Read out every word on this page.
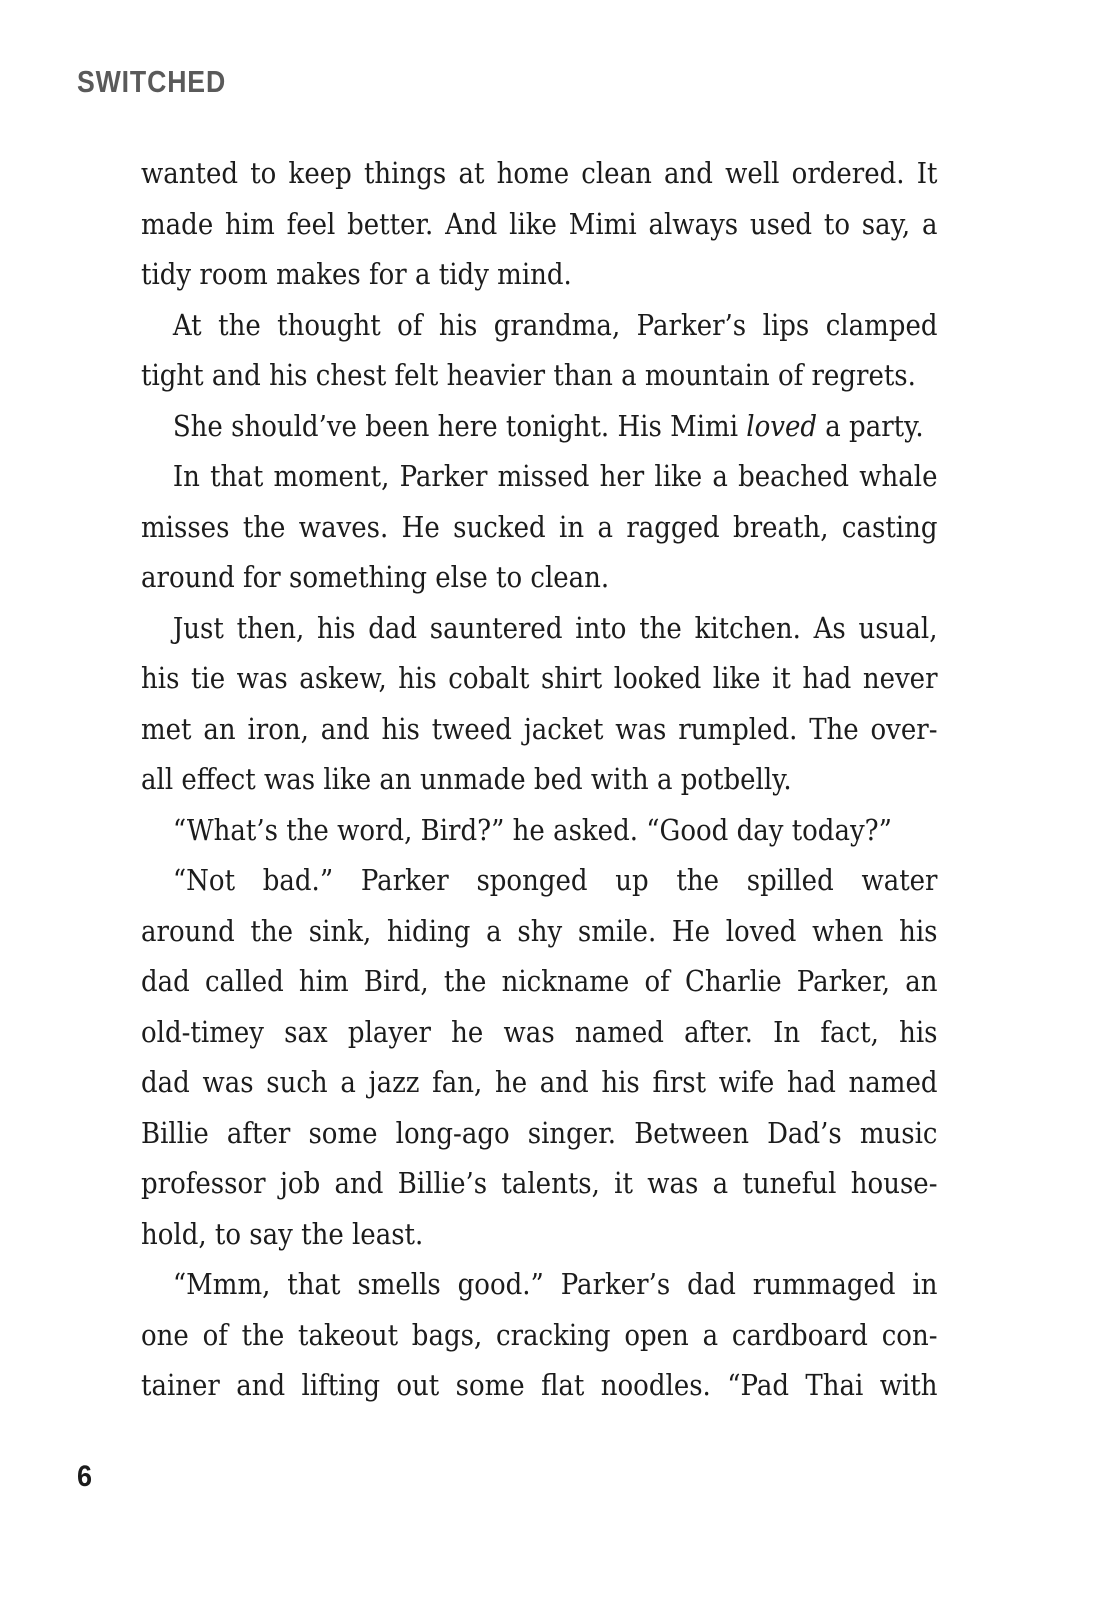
SWITCHED
wanted to keep things at home clean and well ordered. It
made him feel better. And like Mimi always used to say, a
tidy room makes for a tidy mind.
At the thought of his grandma, Parker’s lips clamped
tight and his chest felt heavier than a mountain of regrets.
She should’ve been here tonight. His Mimi loved a party.
In that moment, Parker missed her like a beached whale
misses the waves. He sucked in a ragged breath, casting
around for something else to clean.
Just then, his dad sauntered into the kitchen. As usual,
his tie was askew, his cobalt shirt looked like it had never
met an iron, and his tweed jacket was rumpled. The over-
all effect was like an unmade bed with a potbelly.
“What’s the word, Bird?” he asked. “Good day today?”
“Not bad.” Parker sponged up the spilled water
around the sink, hiding a shy smile. He loved when his
dad called him Bird, the nickname of Charlie Parker, an
old-timey sax player he was named after. In fact, his
dad was such a jazz fan, he and his first wife had named
Billie after some long-ago singer. Between Dad’s music
professor job and Billie’s talents, it was a tuneful house-
hold, to say the least.
“Mmm, that smells good.” Parker’s dad rummaged in
one of the takeout bags, cracking open a cardboard con-
tainer and lifting out some flat noodles. “Pad Thai with
6
